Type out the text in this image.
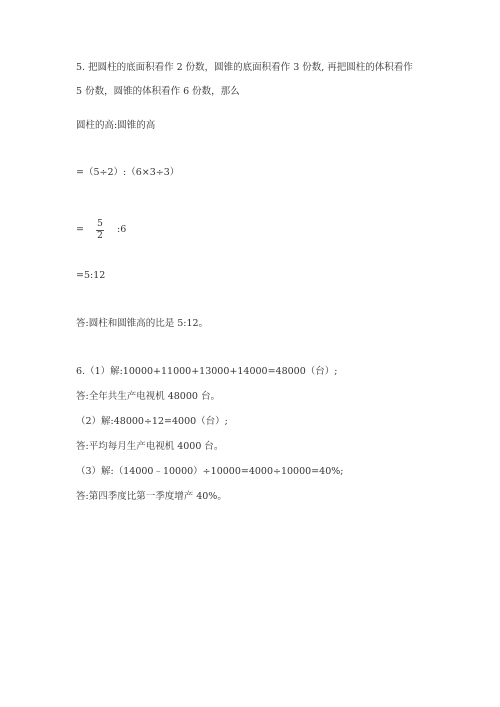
5. 把圆柱的底面积看作 2 份数，圆锥的底面积看作 3 份数, 再把圆柱的体积看作
5 份数，圆锥的体积看作 6 份数，那么
圆柱的高:圆锥的高
=（5÷2）:（6×3÷3）
= 5
2
:6
=5:12
答:圆柱和圆锥高的比是 5:12。
6.（1）解:10000+11000+13000+14000=48000（台）;
答:全年共生产电视机 48000 台。
（2）解:48000÷12=4000（台）;
答:平均每月生产电视机 4000 台。
（3）解:（14000﹣10000）÷10000=4000÷10000=40%;
答:第四季度比第一季度增产 40%。
